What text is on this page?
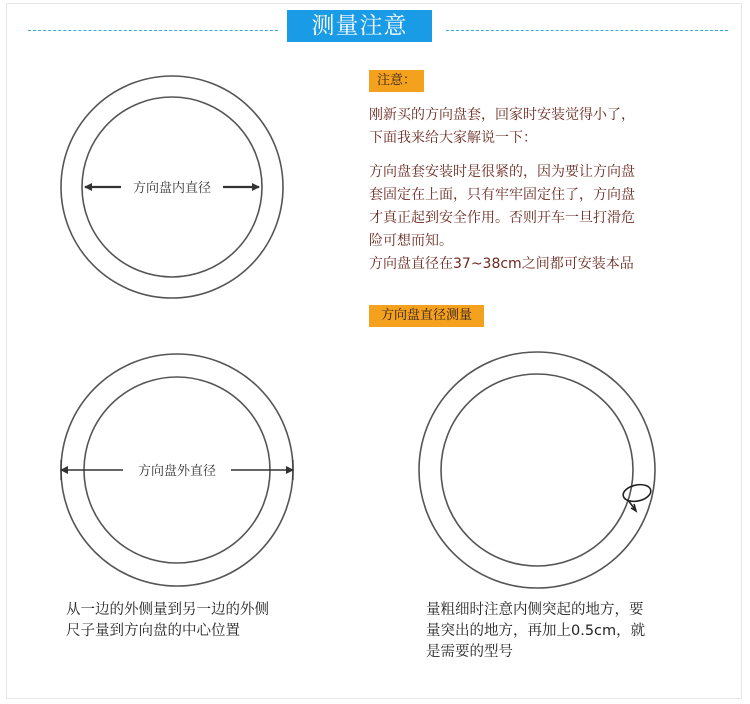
测量注意
方向盘内直径
方向盘外直径
注意：
刚新买的方向盘套，回家时安装觉得小了，
下面我来给大家解说一下：
方向盘套安装时是很紧的，因为要让方向盘
套固定在上面，只有牢牢固定住了，方向盘
才真正起到安全作用。否则开车一旦打滑危
险可想而知。
方向盘直径在37~38cm之间都可安装本品
方向盘直径测量
从一边的外侧量到另一边的外侧
尺子量到方向盘的中心位置
量粗细时注意内侧突起的地方，要
量突出的地方，再加上0.5cm，就
是需要的型号
